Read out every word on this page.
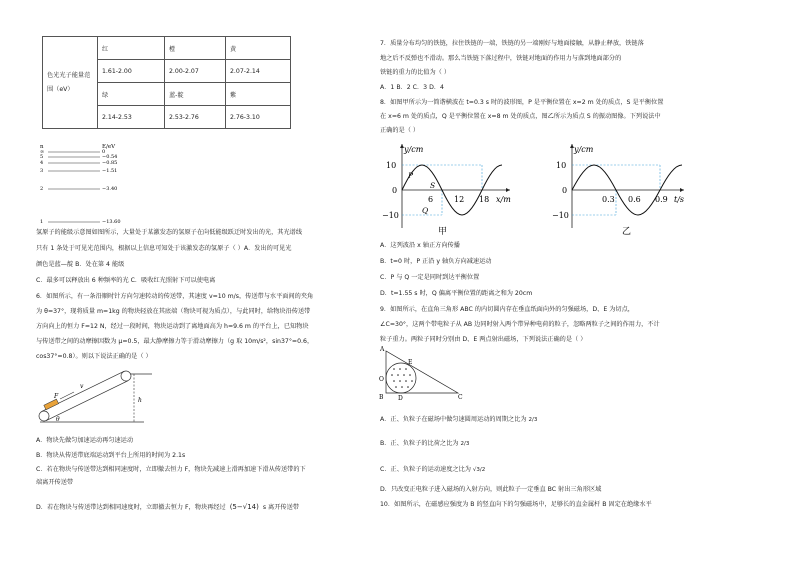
色光光子能量范围（eV）	红	橙	黄
	1.61-2.00	2.00-2.07	2.07-2.14
	绿	蓝-靛	紫
	2.14-2.53	2.53-2.76	2.76-3.10
n	E/eV
∞	0
5	−0.54
4	−0.85
3	−1.51
2	−3.40
1	−13.60
氢原子的能级示意图如图所示，大量处于某激发态的氢原子在向低能级跃迁时发出的光，其光谱线
只有 1 条处于可见光范围内，根据以上信息可知处于该激发态的氢原子（ ）A．发出的可见光
颜色是蓝—靛 B．处在第 4 能级
C．最多可以释放出 6 种频率的光 C．吸收红光照射下可以使电离
6．如图所示，有一条沿顺时针方向匀速转动的传送带，其速度 v=10 m/s，传送带与水平面间的夹角
为 θ=37°，现将质量 m=1kg 的物块轻放在其底端（物块可视为质点），与此同时，给物块沿传送带
方向向上的恒力 F=12 N，经过一段时间，物块运动到了离地面高为 h=9.6 m 的平台上，已知物块
与传送带之间的动摩擦因数为 μ=0.5，最大静摩擦力等于滑动摩擦力（g 取 10m/s²，sin37°=0.6，
cos37°=0.8）。则以下说法正确的是（ ）
F
v
h
θ
A．物块先做匀加速运动再匀速运动
B．物块从传送带底端运动到平台上所用的时间为 2.1s
C．若在物块与传送带达到相同速度时，立即撤去恒力 F，物块先减速上滑再加速下滑从传送带的下
端离开传送带
D．若在物块与传送带达到相同速度时，立即撤去恒力 F，物块再经过 (5−√14) s 离开传送带
7．质量分布均匀的铁链，拉住铁链的一端，铁链的另一端刚好与地面接触，从静止释放，铁链落
地之后不反弹也不滑动。那么当铁链下落过程中，铁链对地面的作用力与落到地面部分的
铁链的重力的比值为（ ）
A．1 B．2 C．3 D．4
8．如图甲所示为一简谐横波在 t=0.3 s 时的波形图，P 是平衡位置在 x=2 m 处的质点，S 是平衡位置
在 x=6 m 处的质点，Q 是平衡位置在 x=8 m 处的质点，图乙所示为质点 S 的振动图像。下列说法中
正确的是（ ）
y/cm
x/m
10
0
−10
6	12 18
P
S
Q
甲
y/cm
t/s
10
0
−10
0.3 0.6 0.9
乙
A．这列波沿 x 轴正方向传播
B．t=0 时，P 正沿 y 轴负方向减速运动
C．P 与 Q 一定是同时到达平衡位置
D．t=1.55 s 时，Q 偏离平衡位置的距离之和为 20cm
9．如图所示，在直角三角形 ABC 的内切圆内存在垂直纸面向外的匀强磁场，D、E 为切点，
∠C=30°，这两个带电粒子从 AB 边同时射入两个带异种电荷的粒子，忽略两粒子之间的作用力，不计
粒子重力。两粒子同时分别由 D、E 两点射出磁场，下列说法正确的是（ ）
A
E
O
B D	C
A．正、负粒子在磁场中做匀速圆周运动的周期之比为 2/3
B．正、负粒子的比荷之比为 2/3
C．正、负粒子的运动速度之比为 √3/2
D．只改变正电粒子进入磁场的入射方向，则此粒子一定垂直 BC 射出三角形区域
10．如图所示，在磁感应强度为 B 的竖直向下的匀强磁场中，足够长的直金属杆 B 固定在绝缘水平
